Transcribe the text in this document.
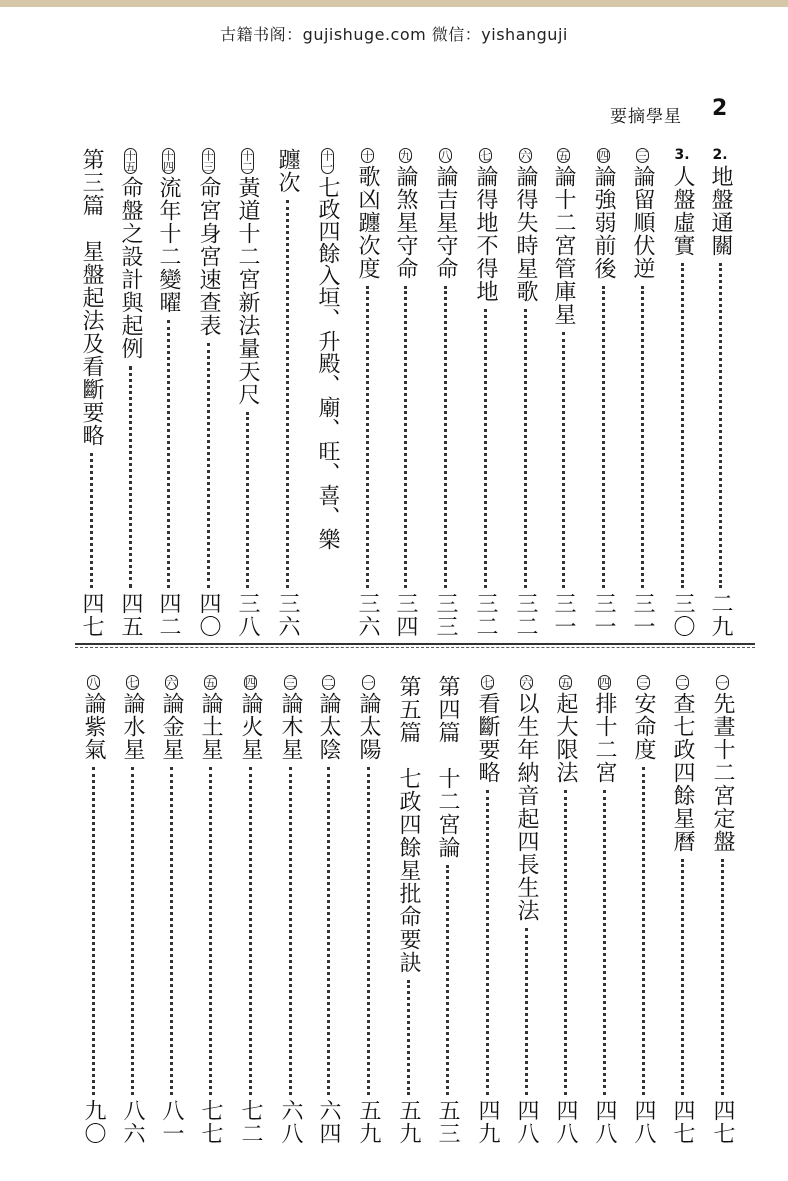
古籍书阁：gujishuge.com 微信：yishanguji
要摘學星 2
2.
地盤通關
二九
3.
人盤虛實
三〇
三
論留順伏逆
三一
四
論強弱前後
三一
五
論十二宮管庫星
三一
六
論得失時星歌
三二
七
論得地不得地
三二
八
論吉星守命
三三
九
論煞星守命
三四
十
歌凶躔次度
三六
十一
七政四餘入垣、升殿、廟、旺、喜、樂
躔次
三六
十二
黃道十二宮新法量天尺
三八
十三
命宮身宮速查表
四〇
十四
流年十二變曜
四二
十五
命盤之設計與起例
四五
第三篇　星盤起法及看斷要略
四七
一
先晝十二宮定盤
四七
二
查七政四餘星曆
四七
三
安命度
四八
四
排十二宮
四八
五
起大限法
四八
六
以生年納音起四長生法
四八
七
看斷要略
四九
第四篇　十二宮論
五三
第五篇　七政四餘星批命要訣
五九
一
論太陽
五九
二
論太陰
六四
三
論木星
六八
四
論火星
七二
五
論土星
七七
六
論金星
八一
七
論水星
八六
八
論紫氣
九〇
